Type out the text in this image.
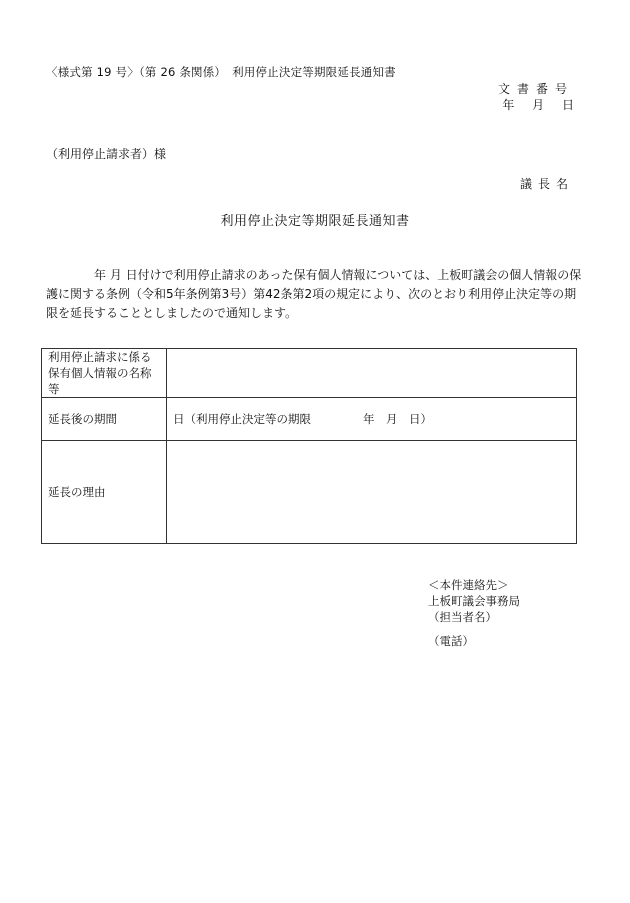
〈様式第 19 号〉（第 26 条関係）　利用停止決定等期限延長通知書
文書番号
年 月 日
（利用停止請求者）様
議長名
利用停止決定等期限延長通知書
年 月 日付けで利用停止請求のあった保有個人情報については、上板町議会の個人情報の保護に関する条例（令和5年条例第3号）第42条第2項の規定により、次のとおり利用停止決定等の期限を延長することとしましたので通知します。
利用停止請求に係る保有個人情報の名称等	
延長後の期間	日（利用停止決定等の期限 年　月　日）
延長の理由	
＜本件連絡先＞
上板町議会事務局
（担当者名）
（電話）
